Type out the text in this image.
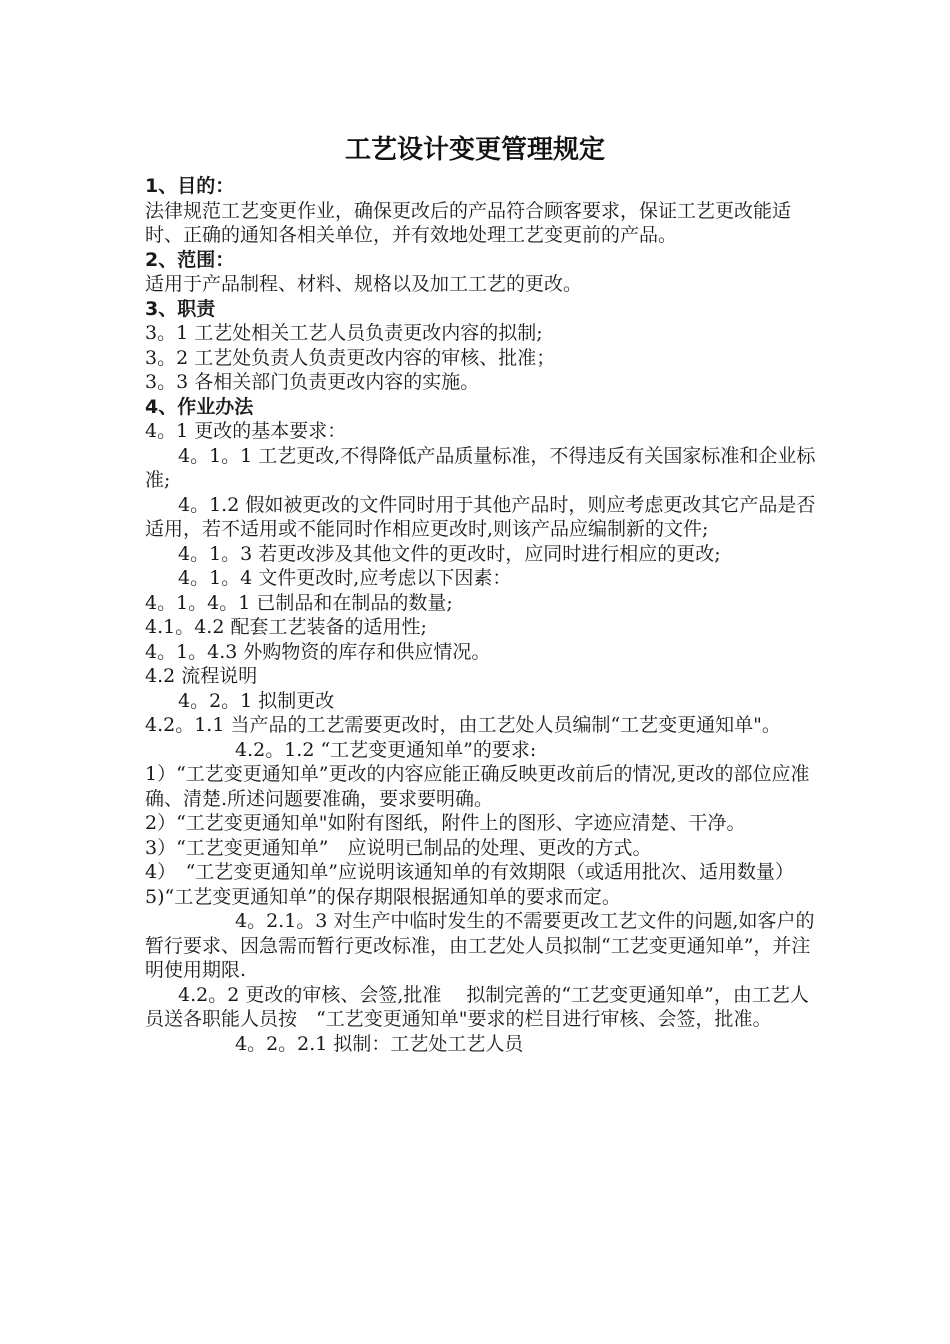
工艺设计变更管理规定

1、目的：

法律规范工艺变更作业，确保更改后的产品符合顾客要求，保证工艺更改能适时、正确的通知各相关单位，并有效地处理工艺变更前的产品。

2、范围：

适用于产品制程、材料、规格以及加工工艺的更改。

3、职责

3。1 工艺处相关工艺人员负责更改内容的拟制;

3。2 工艺处负责人负责更改内容的审核、批准；

3。3 各相关部门负责更改内容的实施。

4、作业办法

4。1 更改的基本要求：

4。1。1 工艺更改,不得降低产品质量标准，不得违反有关国家标准和企业标准;

4。1.2 假如被更改的文件同时用于其他产品时，则应考虑更改其它产品是否适用，若不适用或不能同时作相应更改时,则该产品应编制新的文件;

4。1。3 若更改涉及其他文件的更改时，应同时进行相应的更改;

4。1。4 文件更改时,应考虑以下因素：

4。1。4。1 已制品和在制品的数量;

4.1。4.2 配套工艺装备的适用性;

4。1。4.3 外购物资的库存和供应情况。

4.2 流程说明

4。2。1 拟制更改

4.2。1.1 当产品的工艺需要更改时，由工艺处人员编制“工艺变更通知单"。

4.2。1.2 “工艺变更通知单”的要求:

1）“工艺变更通知单”更改的内容应能正确反映更改前后的情况,更改的部位应准确、清楚.所述问题要准确，要求要明确。

2）“工艺变更通知单"如附有图纸，附件上的图形、字迹应清楚、干净。

3）“工艺变更通知单”　应说明已制品的处理、更改的方式。

4）　“工艺变更通知单”应说明该通知单的有效期限（或适用批次、适用数量）

5)“工艺变更通知单”的保存期限根据通知单的要求而定。

4。2.1。3 对生产中临时发生的不需要更改工艺文件的问题,如客户的暂行要求、因急需而暂行更改标准，由工艺处人员拟制“工艺变更通知单”，并注明使用期限.

4.2。2 更改的审核、会签,批准　 拟制完善的“工艺变更通知单”，由工艺人员送各职能人员按　“工艺变更通知单"要求的栏目进行审核、会签，批准。

4。2。2.1 拟制：工艺处工艺人员
